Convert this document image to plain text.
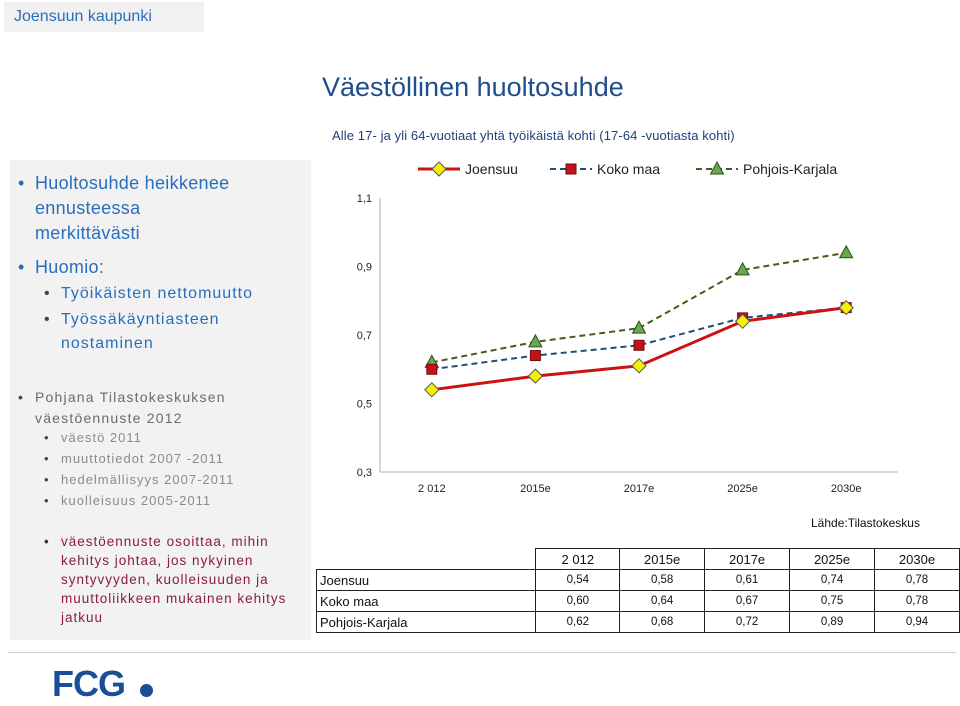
Joensuun kaupunki
Väestöllinen huoltosuhde
Alle 17- ja yli 64-vuotiaat yhtä työikäistä kohti (17-64 -vuotiasta kohti)
• Huoltosuhde heikkenee
ennusteessa
merkittävästi
• Huomio:
• Työikäisten nettomuutto
• Työssäkäyntiasteen
nostaminen
• Pohjana Tilastokeskuksen
väestöennuste 2012
• väestö 2011
• muuttotiedot 2007 -2011
• hedelmällisyys 2007-2011
• kuolleisuus 2005-2011
• väestöennuste osoittaa, mihin
kehitys johtaa, jos nykyinen
syntyvyyden, kuolleisuuden ja
muuttoliikkeen mukainen kehitys
jatkuu
1,1
0,9
0,7
0,5
0,3
2 012	2015e	2017e	2025e	2030e
Joensuu	Koko maa	Pohjois-Karjala
Lähde:Tilastokeskus
	2 012	2015e	2017e	2025e	2030e
Joensuu	0,54	0,58	0,61	0,74	0,78
Koko maa	0,60	0,64	0,67	0,75	0,78
Pohjois-Karjala	0,62	0,68	0,72	0,89	0,94
FCG
